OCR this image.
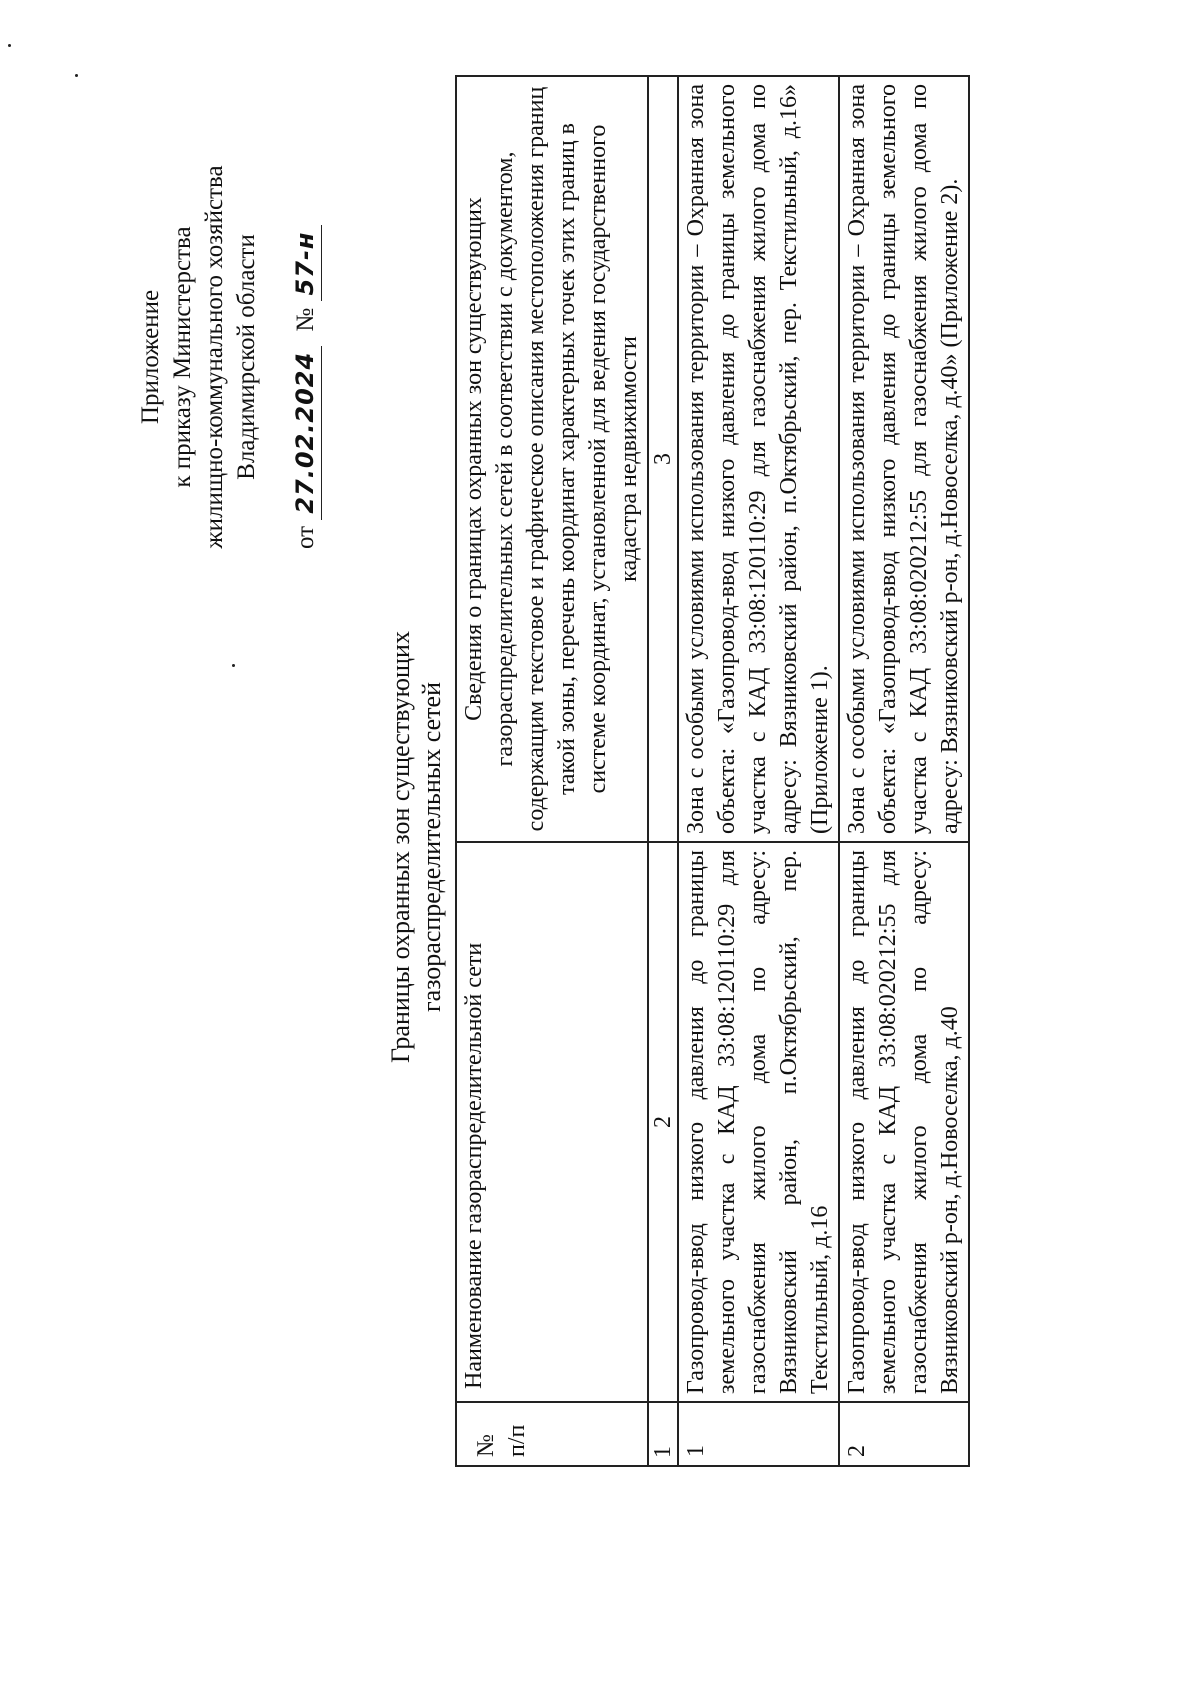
Приложение к приказу Министерства жилищно-коммунального хозяйства Владимирской области
от 27.02.2024 № 57-н
Границы охранных зон существующих газораспределительных сетей
№ п/п	Наименование газораспределительной сети	Сведения о границах охранных зон существующих газораспределительных сетей в соответствии с документом, содержащим текстовое и графическое описания местоположения границ такой зоны, перечень координат характерных точек этих границ в системе координат, установленной для ведения государственного кадастра недвижимости
1	2	3
1	Газопровод-ввод низкого давления до границы земельного участка с КАД 33:08:120110:29 для газоснабжения жилого дома по адресу: Вязниковский район, п.Октябрьский, пер. Текстильный, д.16	Зона с особыми условиями использования территории – Охранная зона объекта: «Газопровод-ввод низкого давления до границы земельного участка с КАД 33:08:120110:29 для газоснабжения жилого дома по адресу: Вязниковский район, п.Октябрьский, пер. Текстильный, д.16» (Приложение 1).
2	Газопровод-ввод низкого давления до границы земельного участка с КАД 33:08:020212:55 для газоснабжения жилого дома по адресу: Вязниковский р-он, д.Новоселка, д.40	Зона с особыми условиями использования территории – Охранная зона объекта: «Газопровод-ввод низкого давления до границы земельного участка с КАД 33:08:020212:55 для газоснабжения жилого дома по адресу: Вязниковский р-он, д.Новоселка, д.40» (Приложение 2).
